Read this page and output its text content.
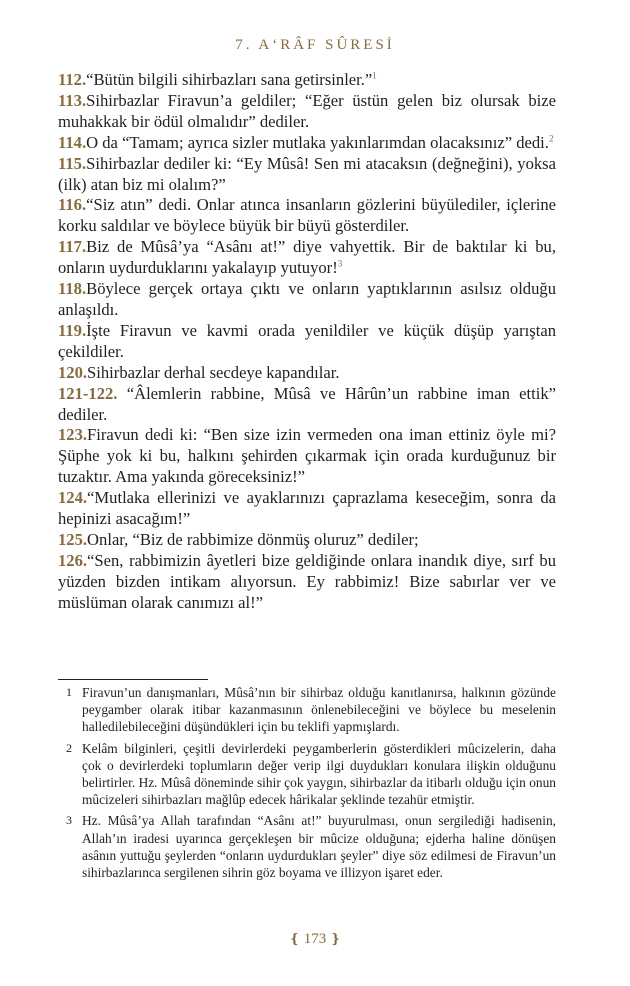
7. A‘RÂF SÛRESİ

112.“Bütün bilgili sihirbazları sana getirsinler.”$^1$

113.Sihirbazlar Firavun’a geldiler; “Eğer üstün gelen biz olursak bize muhakkak bir ödül olmalıdır” dediler.

114.O da “Tamam; ayrıca sizler mutlaka yakınlarımdan olacaksınız” dedi.$^2$

115.Sihirbazlar dediler ki: “Ey Mûsâ! Sen mi atacaksın (değneğini), yoksa (ilk) atan biz mi olalım?”

116.“Siz atın” dedi. Onlar atınca insanların gözlerini büyülediler, içlerine korku saldılar ve böylece büyük bir büyü gösterdiler.

117.Biz de Mûsâ’ya “Asânı at!” diye vahyettik. Bir de baktılar ki bu, onların uydurduklarını yakalayıp yutuyor!$^3$

118.Böylece gerçek ortaya çıktı ve onların yaptıklarının asılsız olduğu anlaşıldı.

119.İşte Firavun ve kavmi orada yenildiler ve küçük düşüp yarıştan çekildiler.

120.Sihirbazlar derhal secdeye kapandılar.

121-122. “Âlemlerin rabbine, Mûsâ ve Hârûn’un rabbine iman ettik” dediler.

123.Firavun dedi ki: “Ben size izin vermeden ona iman ettiniz öyle mi? Şüphe yok ki bu, halkını şehirden çıkarmak için orada kurduğunuz bir tuzaktır. Ama yakında göreceksiniz!”

124.“Mutlaka ellerinizi ve ayaklarınızı çaprazlama keseceğim, sonra da hepinizi asacağım!”

125.Onlar, “Biz de rabbimize dönmüş oluruz” dediler;

126.“Sen, rabbimizin âyetleri bize geldiğinde onlara inandık diye, sırf bu yüzden bizden intikam alıyorsun. Ey rabbimiz! Bize sabırlar ver ve müslüman olarak canımızı al!”

1 Firavun’un danışmanları, Mûsâ’nın bir sihirbaz olduğu kanıtlanırsa, halkının gözünde peygamber olarak itibar kazanmasının önlenebileceğini ve böylece bu meselenin halledilebileceğini düşündükleri için bu teklifi yapmışlardı.
2 Kelâm bilginleri, çeşitli devirlerdeki peygamberlerin gösterdikleri mûcizelerin, daha çok o devirlerdeki toplumların değer verip ilgi duydukları konulara ilişkin olduğunu belirtirler. Hz. Mûsâ döneminde sihir çok yaygın, sihirbazlar da itibarlı olduğu için onun mûcizeleri sihirbazları mağlûp edecek hârikalar şeklinde tezahür etmiştir.
3 Hz. Mûsâ’ya Allah tarafından “Asânı at!” buyurulması, onun sergilediği hadisenin, Allah’ın iradesi uyarınca gerçekleşen bir mûcize olduğuna; ejderha haline dönüşen asânın yuttuğu şeylerden “onların uydurdukları şeyler” diye söz edilmesi de Firavun’un sihirbazlarınca sergilenen sihrin göz boyama ve illizyon işaret eder.
❴ 173 ❵
